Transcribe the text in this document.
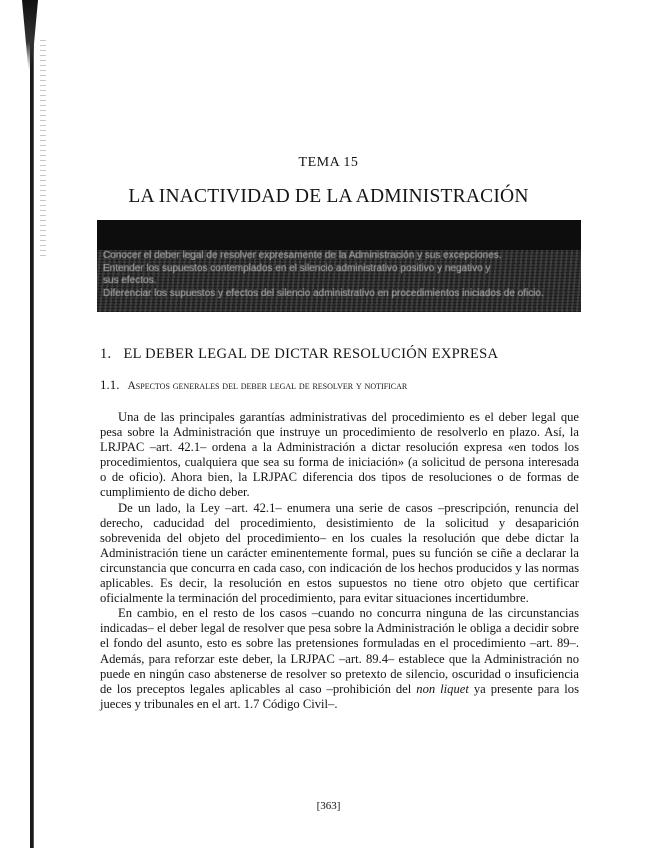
TEMA 15
LA INACTIVIDAD DE LA ADMINISTRACIÓN
Conocer el deber legal de resolver expresamente de la Administración y sus excepciones.
Entender los supuestos contemplados en el silencio administrativo positivo y negativo y
sus efectos.
Diferenciar los supuestos y efectos del silencio administrativo en procedimientos iniciados de oficio.
1. EL DEBER LEGAL DE DICTAR RESOLUCIÓN EXPRESA
1.1. Aspectos generales del deber legal de resolver y notificar

Una de las principales garantías administrativas del procedimiento es el deber legal que pesa sobre la Administración que instruye un procedimiento de resolverlo en plazo. Así, la LRJPAC –art. 42.1– ordena a la Administración a dictar resolución expresa «en todos los procedimientos, cualquiera que sea su forma de iniciación» (a solicitud de persona interesada o de oficio). Ahora bien, la LRJPAC diferencia dos tipos de resoluciones o de formas de cumplimiento de dicho deber.

De un lado, la Ley –art. 42.1– enumera una serie de casos –prescripción, renuncia del derecho, caducidad del procedimiento, desistimiento de la solicitud y desaparición sobrevenida del objeto del procedimiento– en los cuales la resolución que debe dictar la Administración tiene un carácter eminentemente formal, pues su función se ciñe a declarar la circunstancia que concurra en cada caso, con indicación de los hechos producidos y las normas aplicables. Es decir, la resolución en estos supuestos no tiene otro objeto que certificar oficialmente la terminación del procedimiento, para evitar situaciones incertidumbre.

En cambio, en el resto de los casos –cuando no concurra ninguna de las circunstancias indicadas– el deber legal de resolver que pesa sobre la Administración le obliga a decidir sobre el fondo del asunto, esto es sobre las pretensiones formuladas en el procedimiento –art. 89–. Además, para reforzar este deber, la LRJPAC –art. 89.4– establece que la Administración no puede en ningún caso abstenerse de resolver so pretexto de silencio, oscuridad o insuficiencia de los preceptos legales aplicables al caso –prohibición del non liquet ya presente para los jueces y tribunales en el art. 1.7 Código Civil–.

[363]
